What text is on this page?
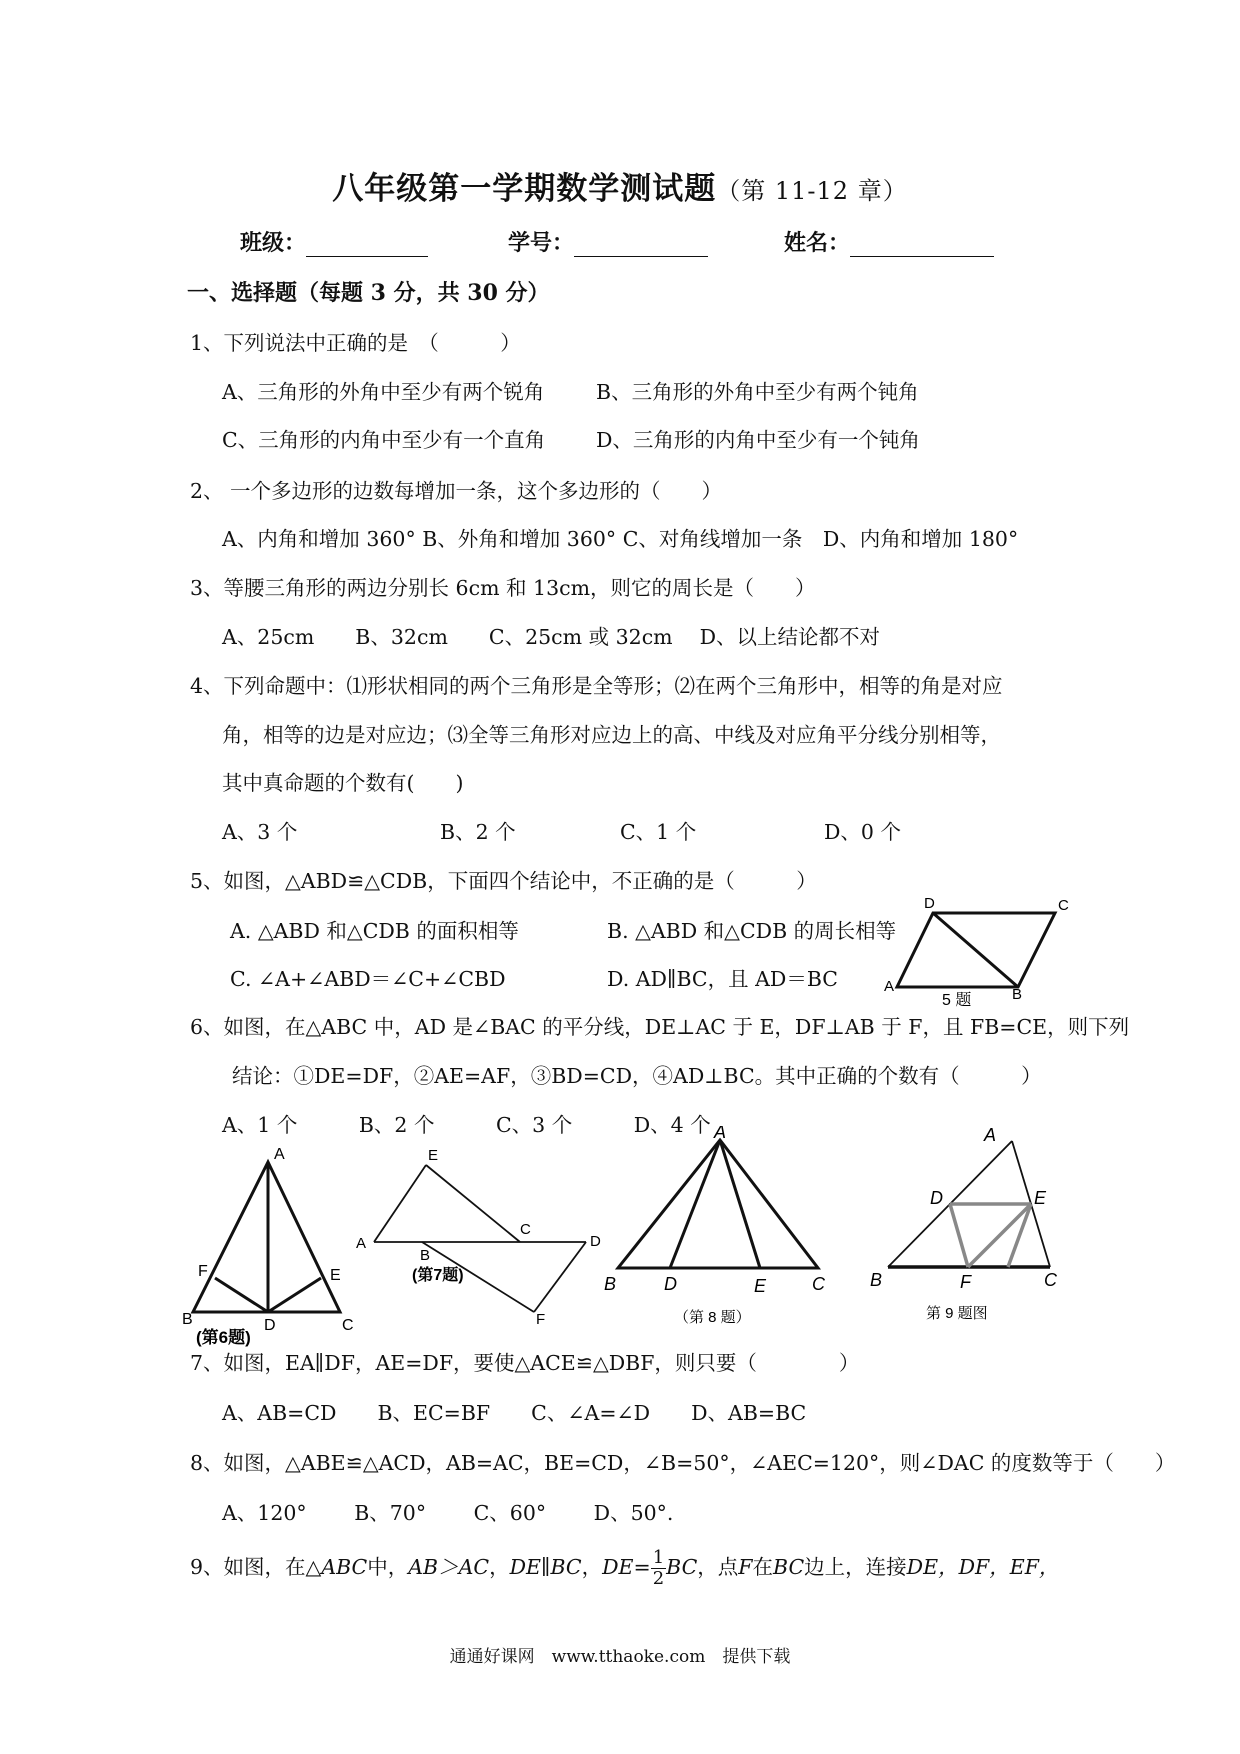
八年级第一学期数学测试题（第 11-12 章）
班级：	学号：	姓名：
一、选择题（每题 3 分，共 30 分）
1、下列说法中正确的是　（　　　）
A、三角形的外角中至少有两个锐角	B、三角形的外角中至少有两个钝角
C、三角形的内角中至少有一个直角 D、三角形的内角中至少有一个钝角
2、 一个多边形的边数每增加一条，这个多边形的（　　）
A、内角和增加 360° B、外角和增加 360° C、对角线增加一条　D、内角和增加 180°
3、等腰三角形的两边分别长 6cm 和 13cm，则它的周长是（　　）
A、25cm　　B、32cm　　C、25cm 或 32cm　 D、以上结论都不对
4、下列命题中：⑴形状相同的两个三角形是全等形；⑵在两个三角形中，相等的角是对应
角，相等的边是对应边；⑶全等三角形对应边上的高、中线及对应角平分线分别相等，
其中真命题的个数有(　　)
A、3 个	B、2 个	C、1 个	D、0 个
5、如图，△ABD≌△CDB，下面四个结论中，不正确的是（　　　）
A. △ABD 和△CDB 的面积相等	B. △ABD 和△CDB 的周长相等
C. ∠A+∠ABD＝∠C+∠CBD	D. AD∥BC，且 AD＝BC
D	C
A	B
5 题
6、如图，在△ABC 中，AD 是∠BAC 的平分线，DE⊥AC 于 E，DF⊥AB 于 F，且 FB=CE，则下列
结论：①DE=DF，②AE=AF，③BD=CD，④AD⊥BC。其中正确的个数有（　　　）
A、1 个　　　B、2 个　　　C、3 个　　　D、4 个
A
F	E
B	D	C
(第6题)
E
C
A	D
B
F
(第7题)
A
B	D	E	C
（第 8 题）
A
D	E
B	F	C
第 9 题图
7、如图，EA∥DF，AE=DF，要使△ACE≌△DBF，则只要（　　　　）
A、AB=CD　　B、EC=BF　　C、∠A=∠D　　D、AB=BC
8、如图，△ABE≌△ACD，AB=AC，BE=CD，∠B=50°，∠AEC=120°，则∠DAC 的度数等于（　　）
A、120°　　 B、70°　　 C、60°　　 D、50°.
9、如图，在△ABC中，AB＞AC，DE∥BC，$DE= \frac{1}{2}$ BC，点F在BC边上，连接DE，DF，EF，
通通好课网　www.tthaoke.com　提供下载
